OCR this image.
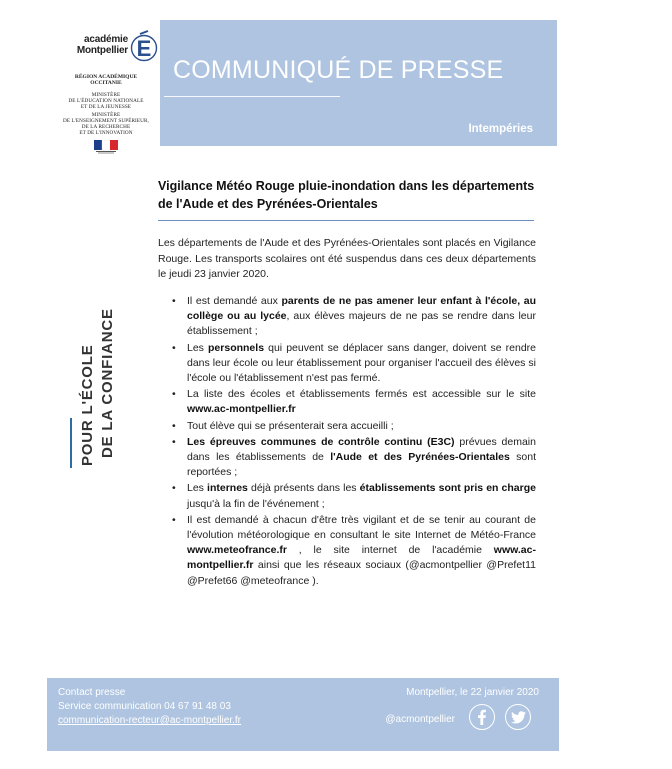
académie
Montpellier E
RÉGION ACADÉMIQUE
OCCITANIE
MINISTÈRE
DE L'ÉDUCATION NATIONALE
ET DE LA JEUNESSE
MINISTÈRE
DE L'ENSEIGNEMENT SUPÉRIEUR,
DE LA RECHERCHE
ET DE L'INNOVATION
COMMUNIQUÉ DE PRESSE
Intempéries
POUR L'ÉCOLE DE LA CONFIANCE
Vigilance Météo Rouge pluie-inondation dans les départements de l'Aude et des Pyrénées-Orientales

Les départements de l'Aude et des Pyrénées-Orientales sont placés en Vigilance Rouge. Les transports scolaires ont été suspendus dans ces deux départements le jeudi 23 janvier 2020.

• Il est demandé aux parents de ne pas amener leur enfant à l'école, au collège ou au lycée, aux élèves majeurs de ne pas se rendre dans leur établissement ;
• Les personnels qui peuvent se déplacer sans danger, doivent se rendre dans leur école ou leur établissement pour organiser l'accueil des élèves si l'école ou l'établissement n'est pas fermé.
• La liste des écoles et établissements fermés est accessible sur le site www.ac-montpellier.fr
• Tout élève qui se présenterait sera accueilli ;
• Les épreuves communes de contrôle continu (E3C) prévues demain dans les établissements de l'Aude et des Pyrénées-Orientales sont reportées ;
• Les internes déjà présents dans les établissements sont pris en charge jusqu'à la fin de l'événement ;
• Il est demandé à chacun d'être très vigilant et de se tenir au courant de l'évolution météorologique en consultant le site Internet de Météo-France www.meteofrance.fr , le site internet de l'académie www.ac-montpellier.fr ainsi que les réseaux sociaux (@acmontpellier @Prefet11 @Prefet66 @meteofrance ).
Contact presse
Service communication 04 67 91 48 03
communication-recteur@ac-montpellier.fr
Montpellier, le 22 janvier 2020
@acmontpellier
